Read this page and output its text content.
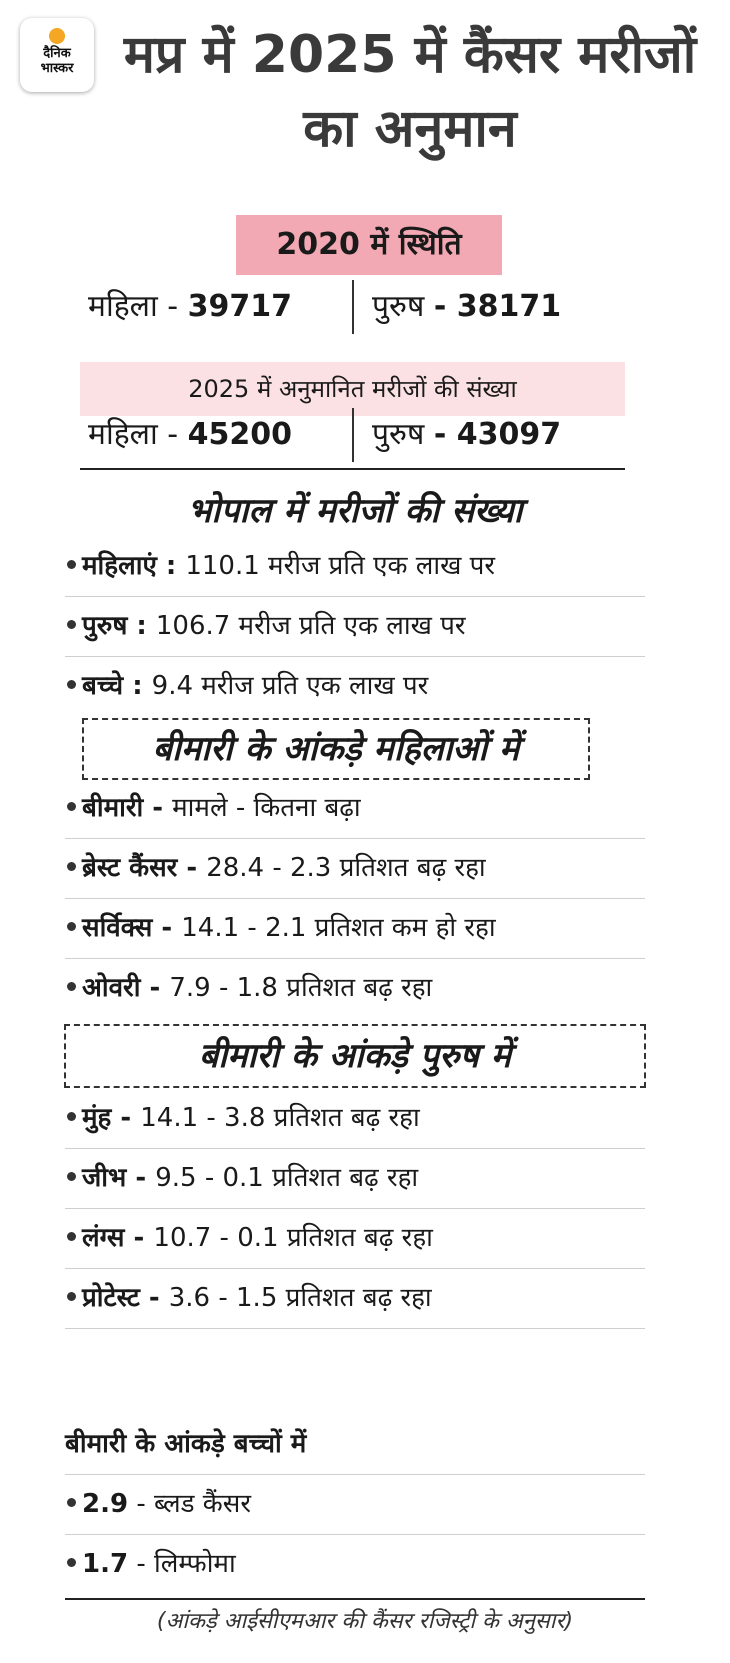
दैनिक
भास्कर मप्र में 2025 में कैंसर मरीजों का अनुमान
2020 में स्थिति
महिला - 39717	पुरुष - 38171
2025 में अनुमानित मरीजों की संख्या
महिला - 45200	पुरुष - 43097
भोपाल में मरीजों की संख्या
महिलाएं : 110.1 मरीज प्रति एक लाख पर
पुरुष : 106.7 मरीज प्रति एक लाख पर
बच्चे : 9.4 मरीज प्रति एक लाख पर
बीमारी के आंकड़े महिलाओं में
बीमारी - मामले - कितना बढ़ा
ब्रेस्ट कैंसर - 28.4 - 2.3 प्रतिशत बढ़ रहा
सर्विक्स - 14.1 - 2.1 प्रतिशत कम हो रहा
ओवरी - 7.9 - 1.8 प्रतिशत बढ़ रहा
बीमारी के आंकड़े पुरुष में
मुंह - 14.1 - 3.8 प्रतिशत बढ़ रहा
जीभ - 9.5 - 0.1 प्रतिशत बढ़ रहा
लंग्स - 10.7 - 0.1 प्रतिशत बढ़ रहा
प्रोटेस्ट - 3.6 - 1.5 प्रतिशत बढ़ रहा
बीमारी के आंकड़े बच्चों में
2.9 - ब्लड कैंसर
1.7 - लिम्फोमा
(आंकड़े आईसीएमआर की कैंसर रजिस्ट्री के अनुसार)
